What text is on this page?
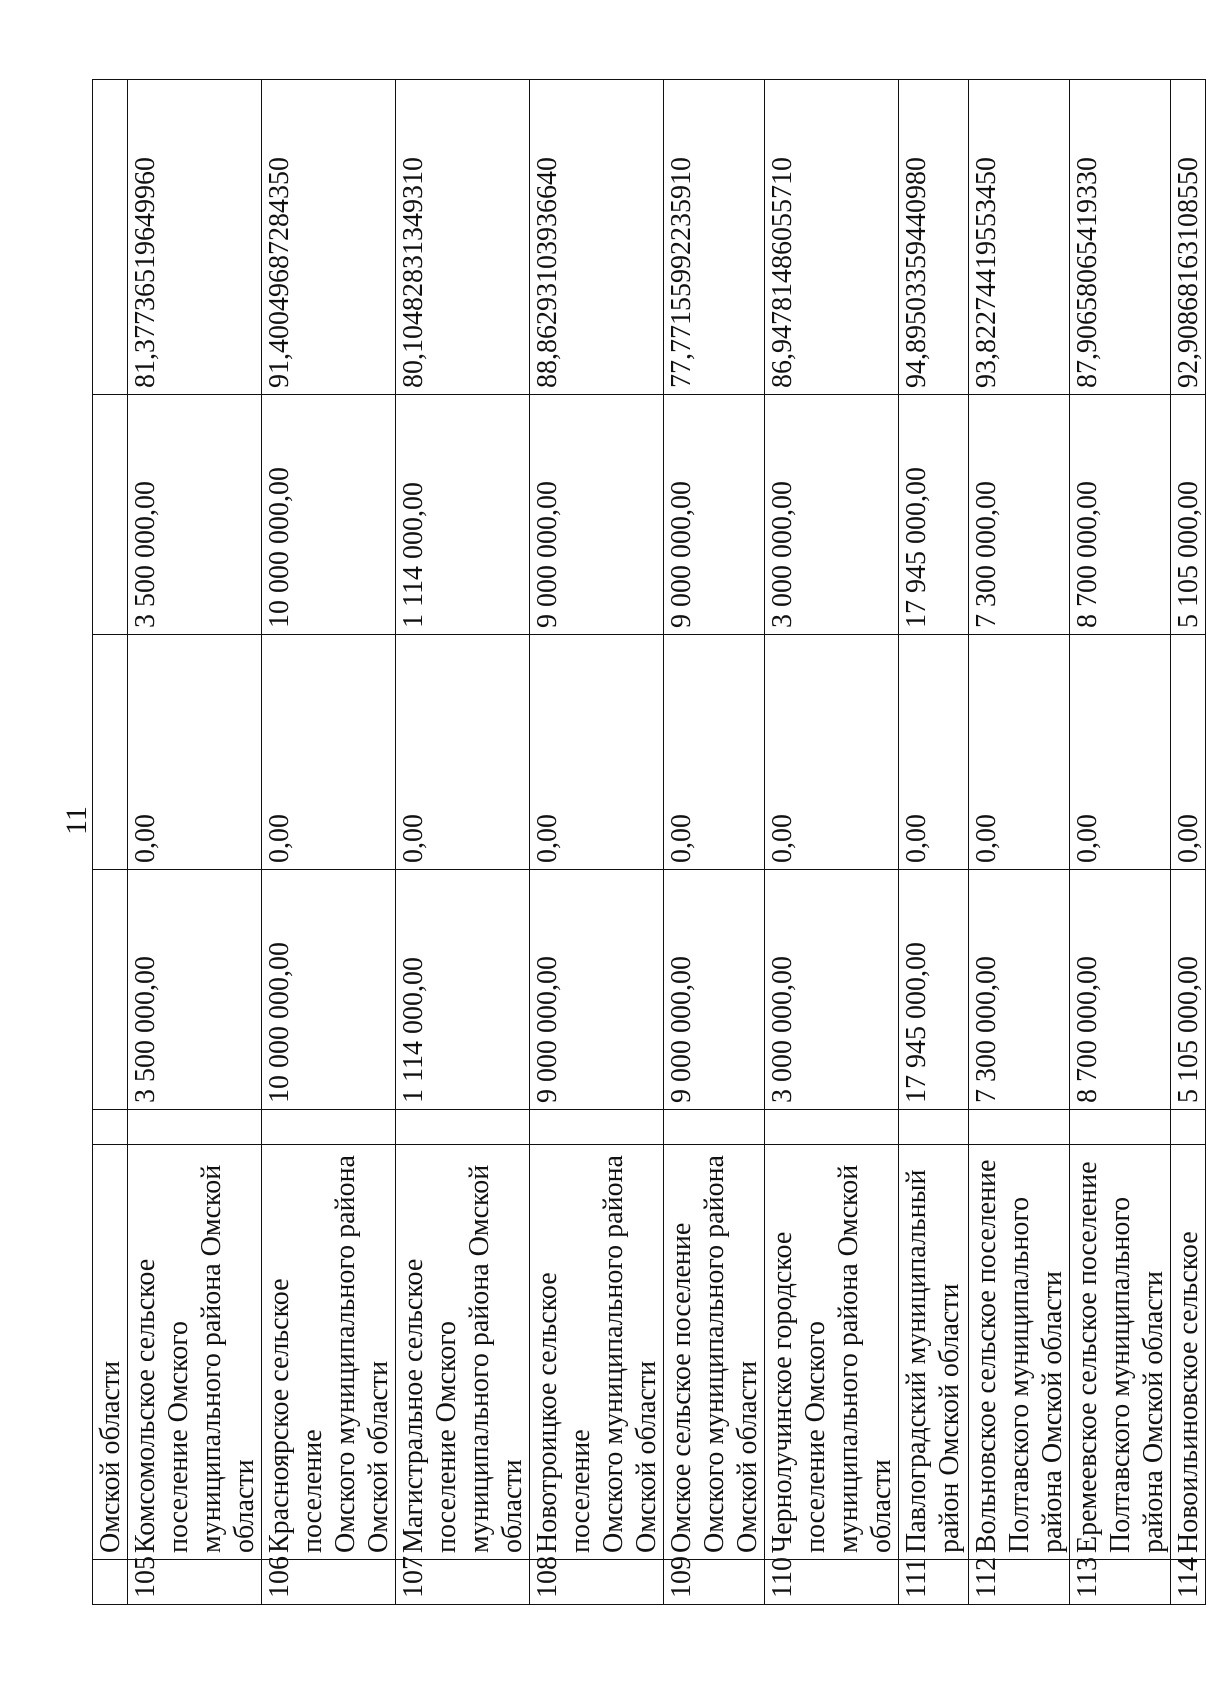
11
	Омской области					
105	Комсомольское сельское поселение Омского муниципального района Омской области		3 500 000,00	0,00	3 500 000,00	81,37736519649960
106	Красноярское сельское поселение Омского муниципального района Омской области		10 000 000,00	0,00	10 000 000,00	91,40049687284350
107	Магистральное сельское поселение Омского муниципального района Омской области		1 114 000,00	0,00	1 114 000,00	80,10482831349310
108	Новотроицкое сельское поселение Омского муниципального района Омской области		9 000 000,00	0,00	9 000 000,00	88,86293103936640
109	Омское сельское поселение Омского муниципального района Омской области		9 000 000,00	0,00	9 000 000,00	77,77155992235910
110	Чернолучинское городское поселение Омского муниципального района Омской области		3 000 000,00	0,00	3 000 000,00	86,94781486055710
111	Павлоградский муниципальный район Омской области		17 945 000,00	0,00	17 945 000,00	94,89503359440980
112	Вольновское сельское поселение Полтавского муниципального района Омской области		7 300 000,00	0,00	7 300 000,00	93,82274419553450
113	Еремеевское сельское поселение Полтавского муниципального района Омской области		8 700 000,00	0,00	8 700 000,00	87,90658065419330
114	Новоильиновское сельское		5 105 000,00	0,00	5 105 000,00	92,90868163108550
